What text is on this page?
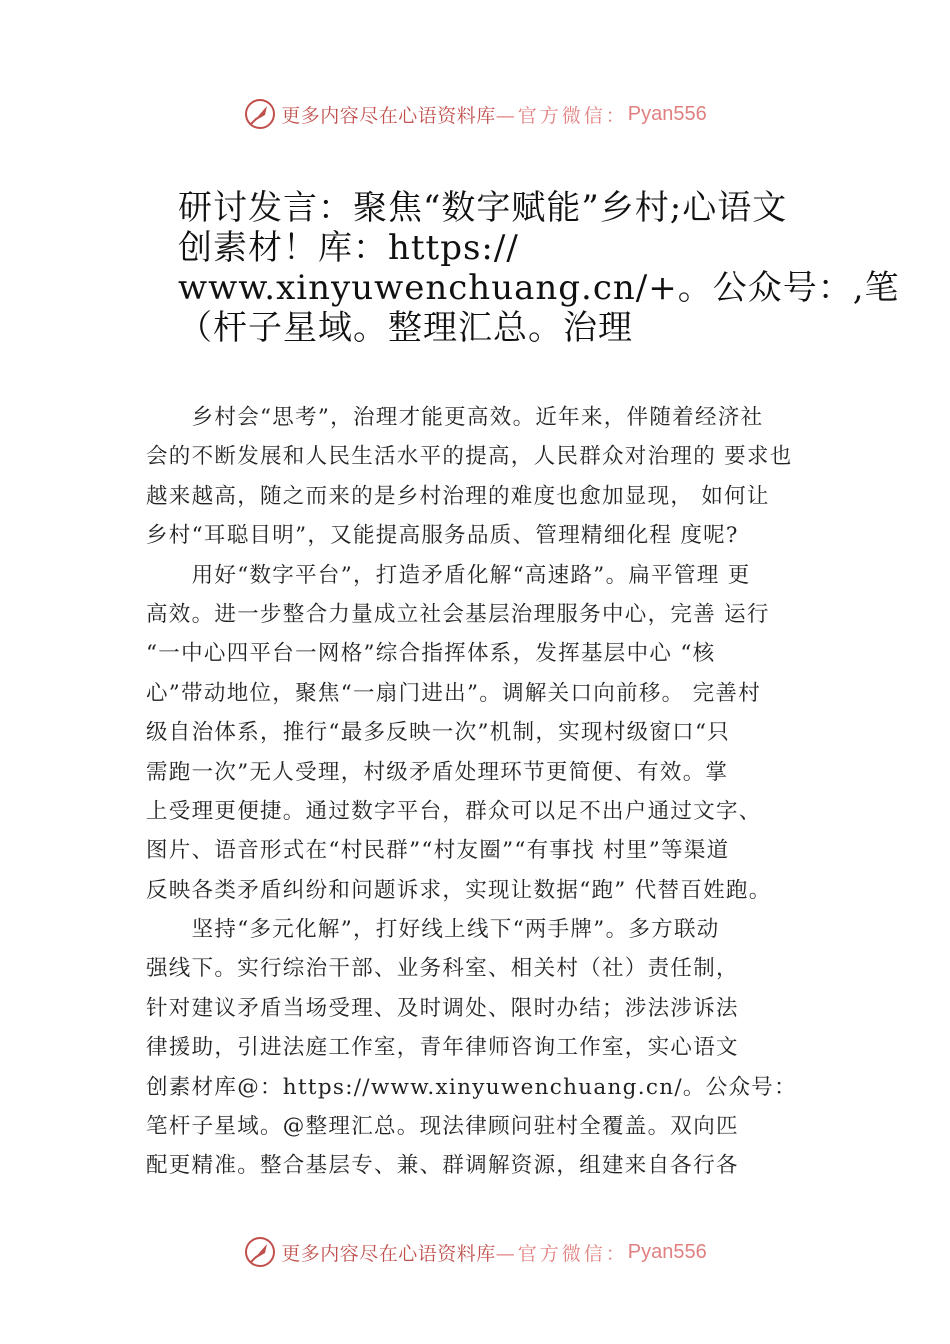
更多内容尽在心语资料库 —官方微信： Pyan556
研讨发言：聚焦“数字赋能”乡村;心语文
创素材！库：https://
www.xinyuwenchuang.cn/+。公众号：,笔
（杆子星域。整理汇总。治理
　　乡村会“思考”，治理才能更高效。近年来，伴随着经济社
会的不断发展和人民生活水平的提高，人民群众对治理的 要求也
越来越高，随之而来的是乡村治理的难度也愈加显现， 如何让
乡村“耳聪目明”，又能提高服务品质、管理精细化程 度呢?
　　用好“数字平台”，打造矛盾化解“高速路”。扁平管理 更
高效。进一步整合力量成立社会基层治理服务中心，完善 运行
“一中心四平台一网格”综合指挥体系，发挥基层中心 “核
心”带动地位，聚焦“一扇门进出”。调解关口向前移。 完善村
级自治体系，推行“最多反映一次”机制，实现村级窗口“只
需跑一次”无人受理，村级矛盾处理环节更简便、有效。掌
上受理更便捷。通过数字平台，群众可以足不出户通过文字、
图片、语音形式在“村民群”“村友圈”“有事找 村里”等渠道
反映各类矛盾纠纷和问题诉求，实现让数据“跑” 代替百姓跑。
　　坚持“多元化解”，打好线上线下“两手牌”。多方联动
强线下。实行综治干部、业务科室、相关村（社）责任制，
针对建议矛盾当场受理、及时调处、限时办结；涉法涉诉法
律援助，引进法庭工作室，青年律师咨询工作室，实心语文
创素材库@：https://www.xinyuwenchuang.cn/。公众号：
笔杆子星域。@整理汇总。现法律顾问驻村全覆盖。双向匹
配更精准。整合基层专、兼、群调解资源，组建来自各行各
更多内容尽在心语资料库 —官方微信： Pyan556
